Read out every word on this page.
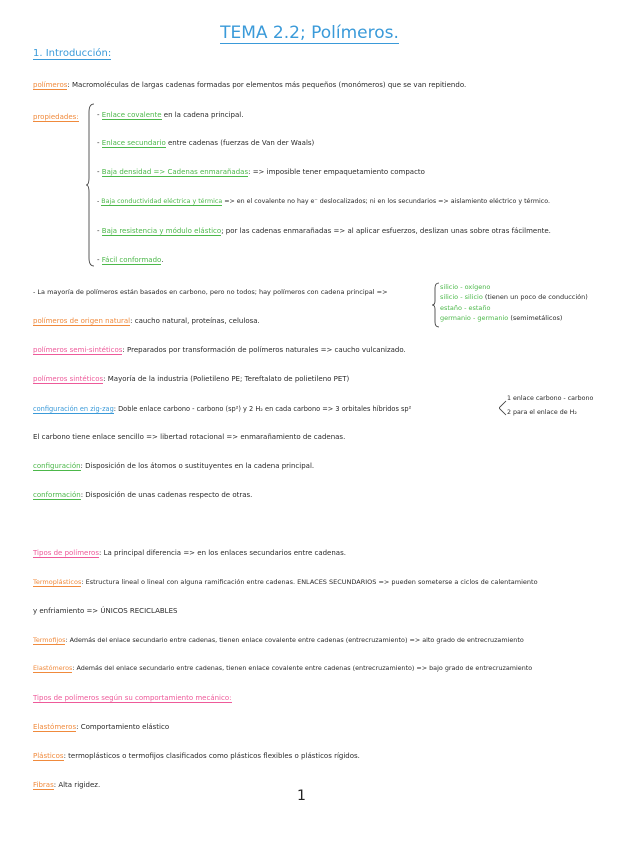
TEMA 2.2; Polímeros.
1. Introducción:
polímeros: Macromoléculas de largas cadenas formadas por elementos más pequeños (monómeros) que se van repitiendo.
propiedades:	- Enlace covalente en la cadena principal.
- Enlace secundario entre cadenas (fuerzas de Van der Waals)
- Baja densidad => Cadenas enmarañadas: => imposible tener empaquetamiento compacto
- Baja conductividad eléctrica y térmica => en el covalente no hay e⁻ deslocalizados; ni en los secundarios => aislamiento eléctrico y térmico.
- Baja resistencia y módulo elástico; por las cadenas enmarañadas => al aplicar esfuerzos, deslizan unas sobre otras fácilmente.
- Fácil conformado.
- La mayoría de polímeros están basados en carbono, pero no todos; hay polímeros con cadena principal =>
silicio - oxígeno
silicio - silicio (tienen un poco de conducción)
estaño - estaño
germanio - germanio (semimetálicos)
polímeros de origen natural: caucho natural, proteínas, celulosa.
polímeros semi-sintéticos: Preparados por transformación de polímeros naturales => caucho vulcanizado.
polímeros sintéticos: Mayoría de la industria (Polietileno PE; Tereftalato de polietileno PET)
configuración en zig-zag: Doble enlace carbono - carbono (sp²) y 2 H₂ en cada carbono => 3 orbitales híbridos sp²
1 enlace carbono - carbono
2 para el enlace de H₂
El carbono tiene enlace sencillo => libertad rotacional => enmarañamiento de cadenas.
configuración: Disposición de los átomos o sustituyentes en la cadena principal.
conformación: Disposición de unas cadenas respecto de otras.
Tipos de polímeros: La principal diferencia => en los enlaces secundarios entre cadenas.
Termoplásticos: Estructura lineal o lineal con alguna ramificación entre cadenas. ENLACES SECUNDARIOS => pueden someterse a ciclos de calentamiento
y enfriamiento => ÚNICOS RECICLABLES
Termofijos: Además del enlace secundario entre cadenas, tienen enlace covalente entre cadenas (entrecruzamiento) => alto grado de entrecruzamiento
Elastómeros: Además del enlace secundario entre cadenas, tienen enlace covalente entre cadenas (entrecruzamiento) => bajo grado de entrecruzamiento
Tipos de polímeros según su comportamiento mecánico:
Elastómeros: Comportamiento elástico
Plásticos: termoplásticos o termofijos clasificados como plásticos flexibles o plásticos rígidos.
Fibras: Alta rigidez.
1
